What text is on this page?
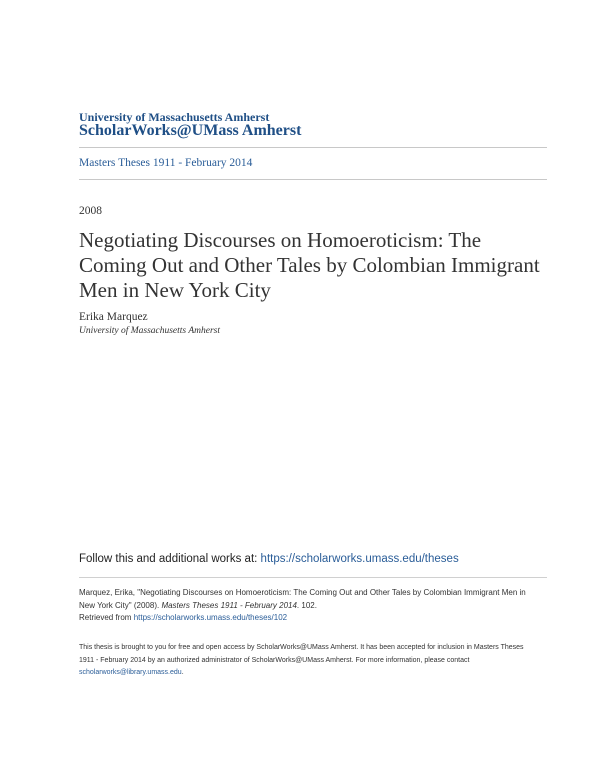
University of Massachusetts Amherst
ScholarWorks@UMass Amherst
Masters Theses 1911 - February 2014
2008
Negotiating Discourses on Homoeroticism: The Coming Out and Other Tales by Colombian Immigrant Men in New York City
Erika Marquez
University of Massachusetts Amherst
Follow this and additional works at: https://scholarworks.umass.edu/theses
Marquez, Erika, "Negotiating Discourses on Homoeroticism: The Coming Out and Other Tales by Colombian Immigrant Men in New York City" (2008). Masters Theses 1911 - February 2014. 102.
Retrieved from https://scholarworks.umass.edu/theses/102
This thesis is brought to you for free and open access by ScholarWorks@UMass Amherst. It has been accepted for inclusion in Masters Theses 1911 - February 2014 by an authorized administrator of ScholarWorks@UMass Amherst. For more information, please contact
scholarworks@library.umass.edu.
